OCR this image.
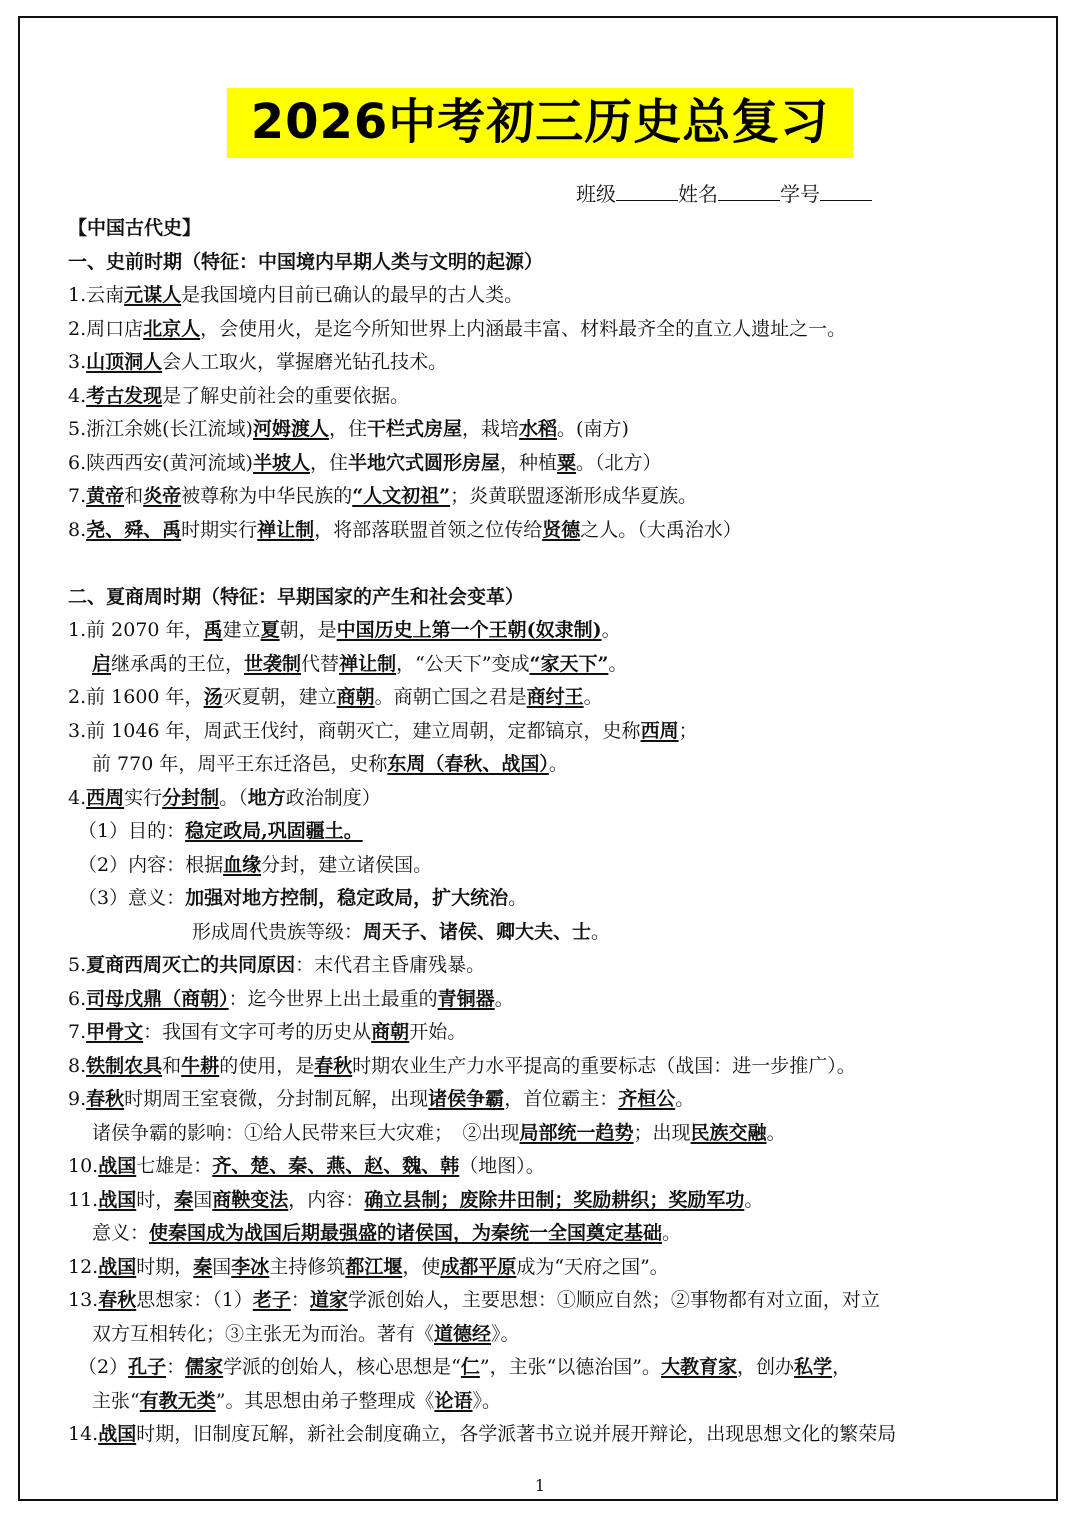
2026中考初三历史总复习
班级	姓名	学号
【中国古代史】
一、史前时期（特征：中国境内早期人类与文明的起源）
1.云南元谋人是我国境内目前已确认的最早的古人类。
2.周口店北京人，会使用火，是迄今所知世界上内涵最丰富、材料最齐全的直立人遗址之一。
3.山顶洞人会人工取火，掌握磨光钻孔技术。
4.考古发现是了解史前社会的重要依据。
5.浙江余姚(长江流域)河姆渡人，住干栏式房屋，栽培水稻。(南方)
6.陕西西安(黄河流域)半坡人，住半地穴式圆形房屋，种植粟。（北方）
7.黄帝和炎帝被尊称为中华民族的“人文初祖”；炎黄联盟逐渐形成华夏族。
8.尧、舜、禹时期实行禅让制，将部落联盟首领之位传给贤德之人。（大禹治水）
二、夏商周时期（特征：早期国家的产生和社会变革）
1.前 2070 年，禹建立夏朝，是中国历史上第一个王朝(奴隶制)。
启继承禹的王位，世袭制代替禅让制，“公天下”变成“家天下”。
2.前 1600 年，汤灭夏朝，建立商朝。商朝亡国之君是商纣王。
3.前 1046 年，周武王伐纣，商朝灭亡，建立周朝，定都镐京，史称西周；
前 770 年，周平王东迁洛邑，史称东周（春秋、战国）。
4.西周实行分封制。（地方政治制度）
（1）目的：稳定政局,巩固疆土。
（2）内容：根据血缘分封，建立诸侯国。
（3）意义：加强对地方控制，稳定政局，扩大统治。
形成周代贵族等级：周天子、诸侯、卿大夫、士。
5.夏商西周灭亡的共同原因：末代君主昏庸残暴。
6.司母戊鼎（商朝）：迄今世界上出土最重的青铜器。
7.甲骨文：我国有文字可考的历史从商朝开始。
8.铁制农具和牛耕的使用，是春秋时期农业生产力水平提高的重要标志（战国：进一步推广）。
9.春秋时期周王室衰微，分封制瓦解，出现诸侯争霸，首位霸主：齐桓公。
诸侯争霸的影响：①给人民带来巨大灾难；　②出现局部统一趋势；出现民族交融。
10.战国七雄是：齐、楚、秦、燕、赵、魏、韩（地图）。
11.战国时，秦国商鞅变法，内容：确立县制；废除井田制；奖励耕织；奖励军功。
意义：使秦国成为战国后期最强盛的诸侯国，为秦统一全国奠定基础。
12.战国时期，秦国李冰主持修筑都江堰，使成都平原成为“天府之国”。
13.春秋思想家：（1）老子：道家学派创始人，主要思想：①顺应自然；②事物都有对立面，对立
双方互相转化；③主张无为而治。著有《道德经》。
（2）孔子：儒家学派的创始人，核心思想是“仁”，主张“以德治国”。大教育家，创办私学，
主张“有教无类”。其思想由弟子整理成《论语》。
14.战国时期，旧制度瓦解，新社会制度确立，各学派著书立说并展开辩论，出现思想文化的繁荣局
1
